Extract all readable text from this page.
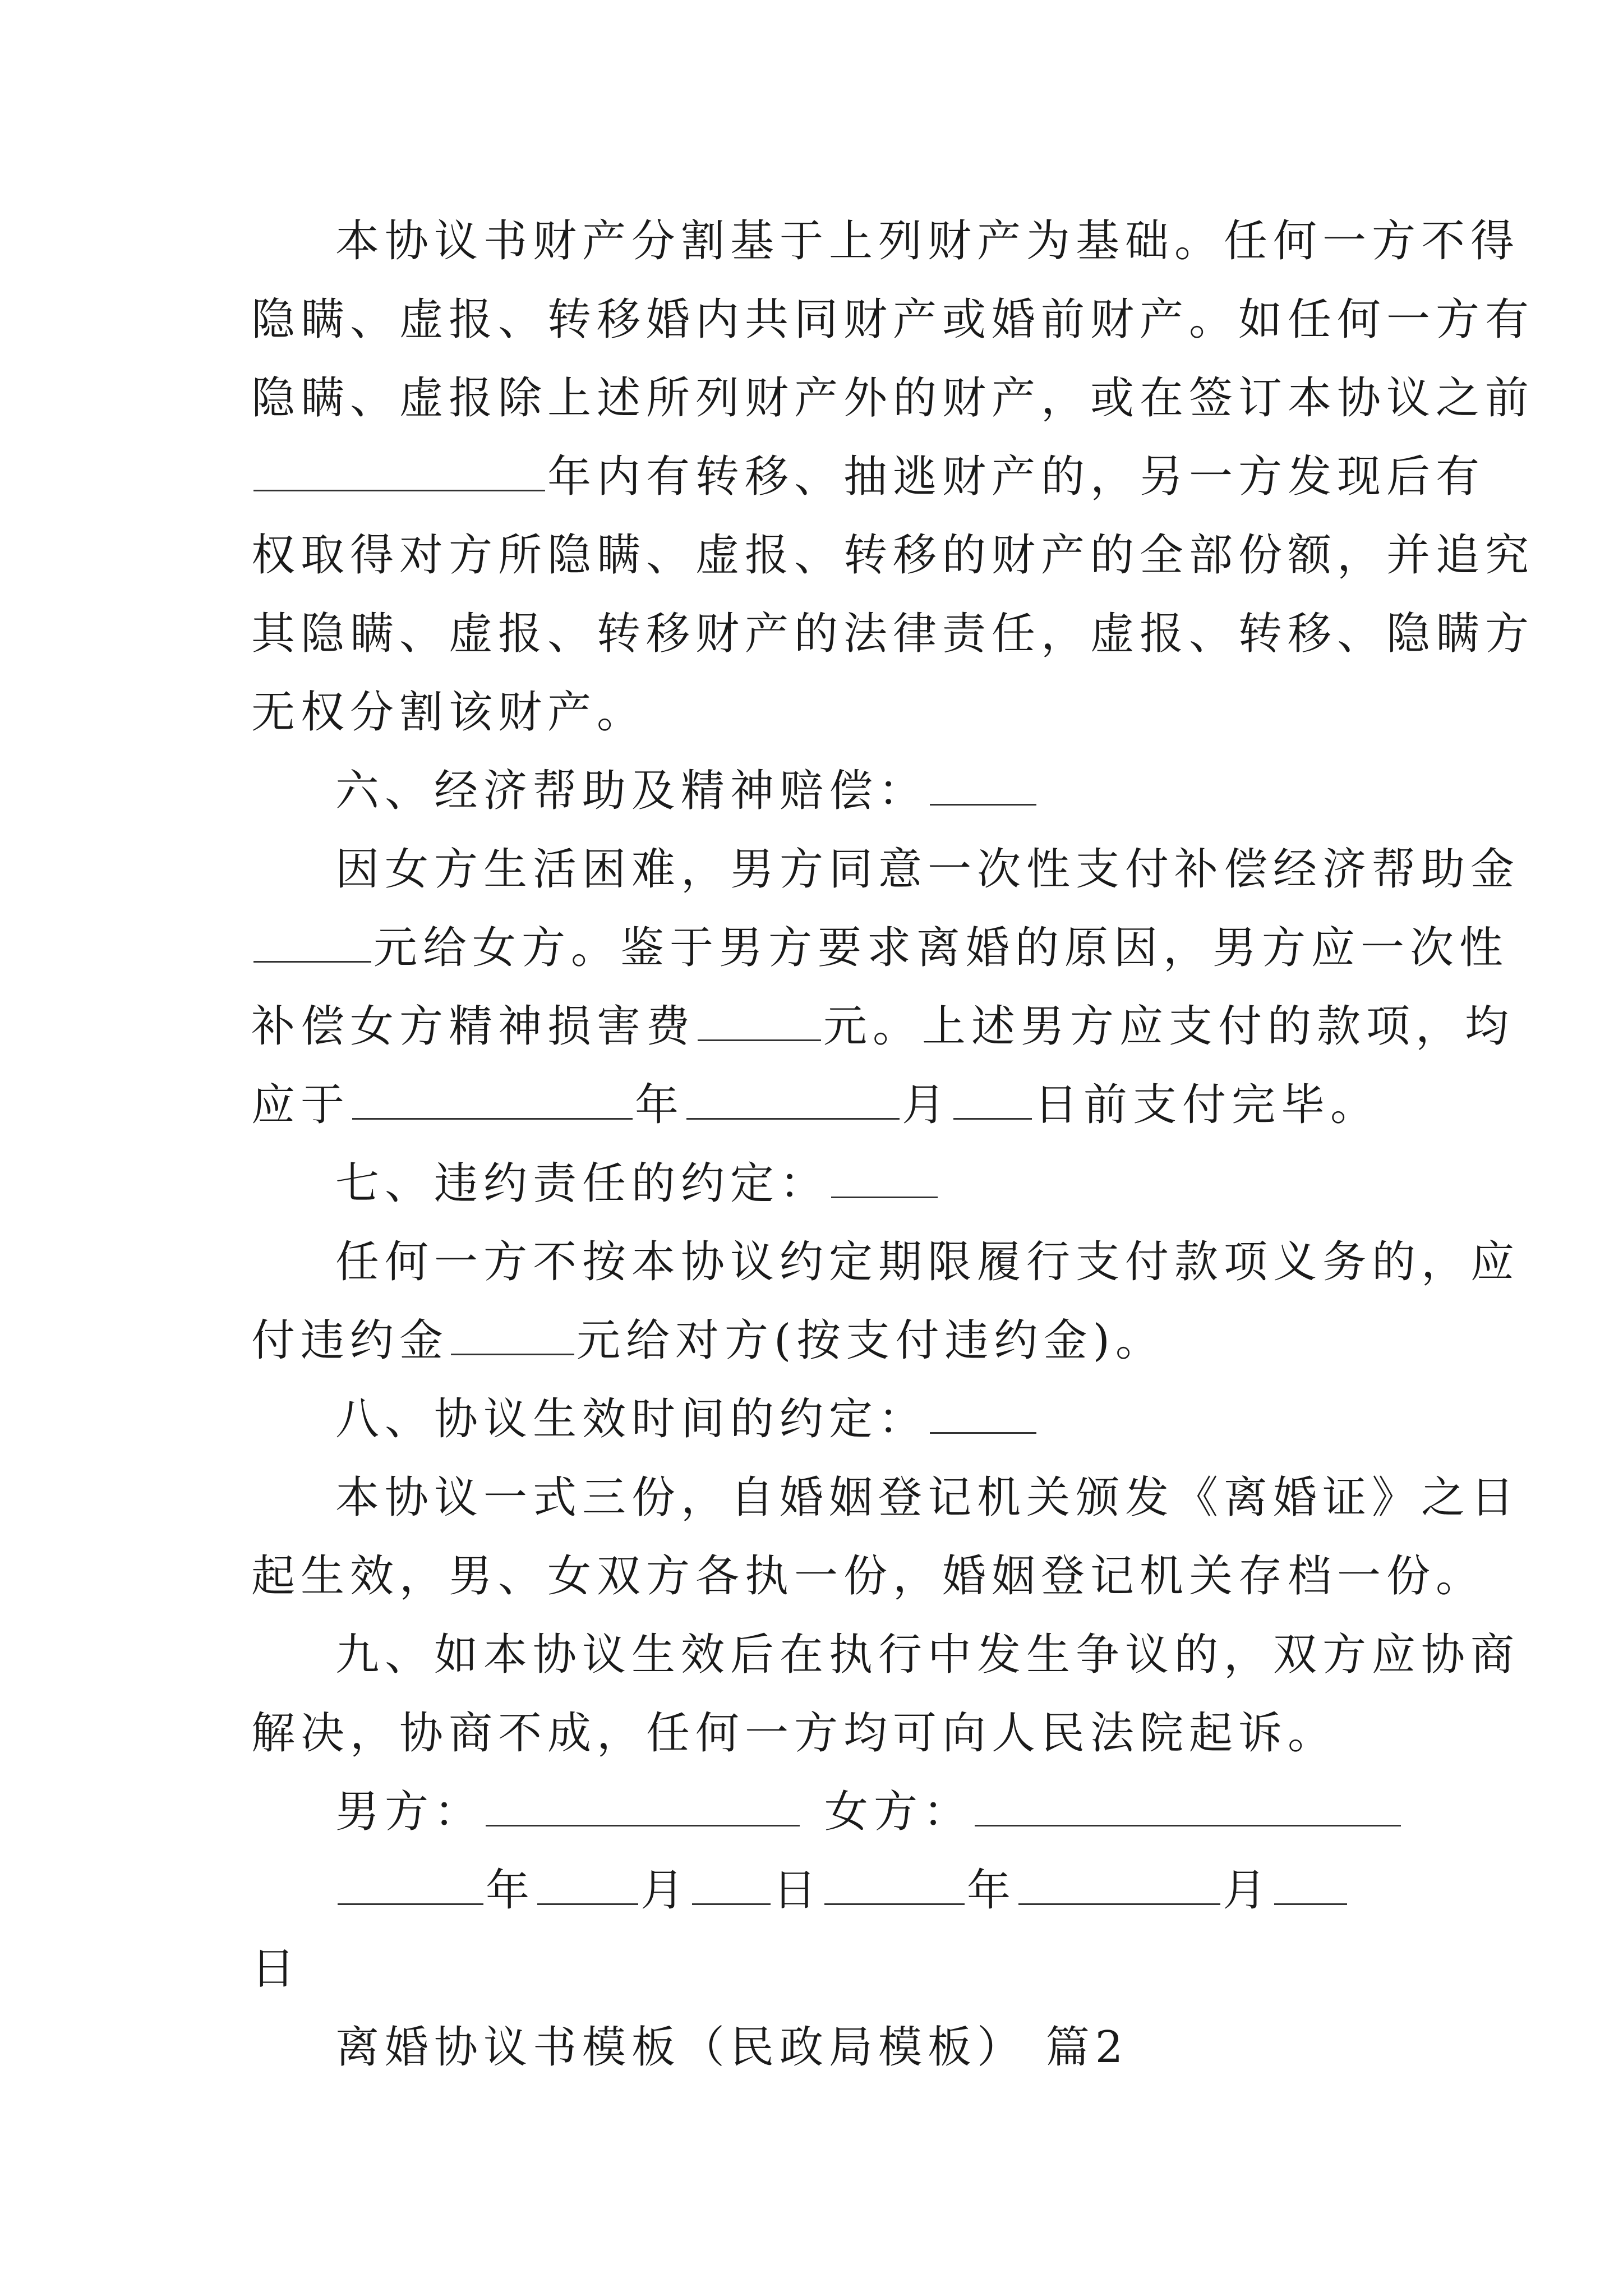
本协议书财产分割基于上列财产为基础。任何一方不得
隐瞒、虚报、转移婚内共同财产或婚前财产。如任何一方有
隐瞒、虚报除上述所列财产外的财产，或在签订本协议之前
年内有转移、抽逃财产的，另一方发现后有
权取得对方所隐瞒、虚报、转移的财产的全部份额，并追究
其隐瞒、虚报、转移财产的法律责任，虚报、转移、隐瞒方
无权分割该财产。
六、经济帮助及精神赔偿：
因女方生活困难，男方同意一次性支付补偿经济帮助金
元给女方。鉴于男方要求离婚的原因，男方应一次性
补偿女方精神损害费	元。上述男方应支付的款项，均
应于	年	月 日前支付完毕。
七、违约责任的约定：
任何一方不按本协议约定期限履行支付款项义务的，应
付违约金	元给对方(按支付违约金)。
八、协议生效时间的约定：
本协议一式三份，自婚姻登记机关颁发《离婚证》之日
起生效，男、女双方各执一份，婚姻登记机关存档一份。
九、如本协议生效后在执行中发生争议的，双方应协商
解决，协商不成，任何一方均可向人民法院起诉。
男方：	女方：
年 月 日	年	月
日
离婚协议书模板（民政局模板） 篇2
